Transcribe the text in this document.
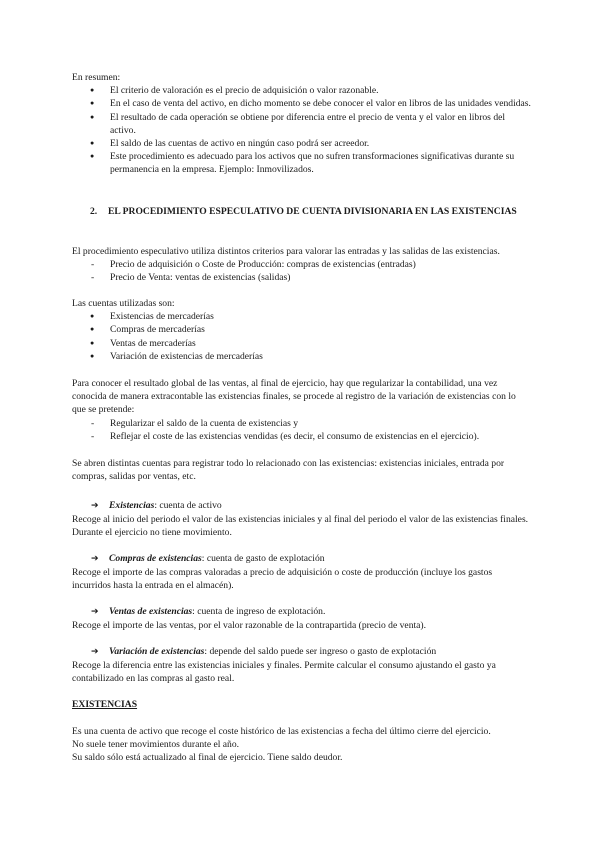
En resumen:

● El criterio de valoración es el precio de adquisición o valor razonable.
● En el caso de venta del activo, en dicho momento se debe conocer el valor en libros de las unidades vendidas.
● El resultado de cada operación se obtiene por diferencia entre el precio de venta y el valor en libros del activo.
● El saldo de las cuentas de activo en ningún caso podrá ser acreedor.
● Este procedimiento es adecuado para los activos que no sufren transformaciones significativas durante su permanencia en la empresa. Ejemplo: Inmovilizados.
2.	EL PROCEDIMIENTO ESPECULATIVO DE CUENTA DIVISIONARIA EN LAS EXISTENCIAS

El procedimiento especulativo utiliza distintos criterios para valorar las entradas y las salidas de las existencias.

- Precio de adquisición o Coste de Producción: compras de existencias (entradas)
- Precio de Venta: ventas de existencias (salidas)

Las cuentas utilizadas son:

● Existencias de mercaderías
● Compras de mercaderías
● Ventas de mercaderías
● Variación de existencias de mercaderías

Para conocer el resultado global de las ventas, al final de ejercicio, hay que regularizar la contabilidad, una vez conocida de manera extracontable las existencias finales, se procede al registro de la variación de existencias con lo que se pretende:

- Regularizar el saldo de la cuenta de existencias y
- Reflejar el coste de las existencias vendidas (es decir, el consumo de existencias en el ejercicio).

Se abren distintas cuentas para registrar todo lo relacionado con las existencias: existencias iniciales, entrada por compras, salidas por ventas, etc.

➔ Existencias: cuenta de activo

Recoge al inicio del periodo el valor de las existencias iniciales y al final del periodo el valor de las existencias finales. Durante el ejercicio no tiene movimiento.

➔ Compras de existencias: cuenta de gasto de explotación

Recoge el importe de las compras valoradas a precio de adquisición o coste de producción (incluye los gastos incurridos hasta la entrada en el almacén).

➔ Ventas de existencias: cuenta de ingreso de explotación.

Recoge el importe de las ventas, por el valor razonable de la contrapartida (precio de venta).

➔ Variación de existencias: depende del saldo puede ser ingreso o gasto de explotación

Recoge la diferencia entre las existencias iniciales y finales. Permite calcular el consumo ajustando el gasto ya contabilizado en las compras al gasto real.

EXISTENCIAS

Es una cuenta de activo que recoge el coste histórico de las existencias a fecha del último cierre del ejercicio.

No suele tener movimientos durante el año.

Su saldo sólo está actualizado al final de ejercicio. Tiene saldo deudor.
